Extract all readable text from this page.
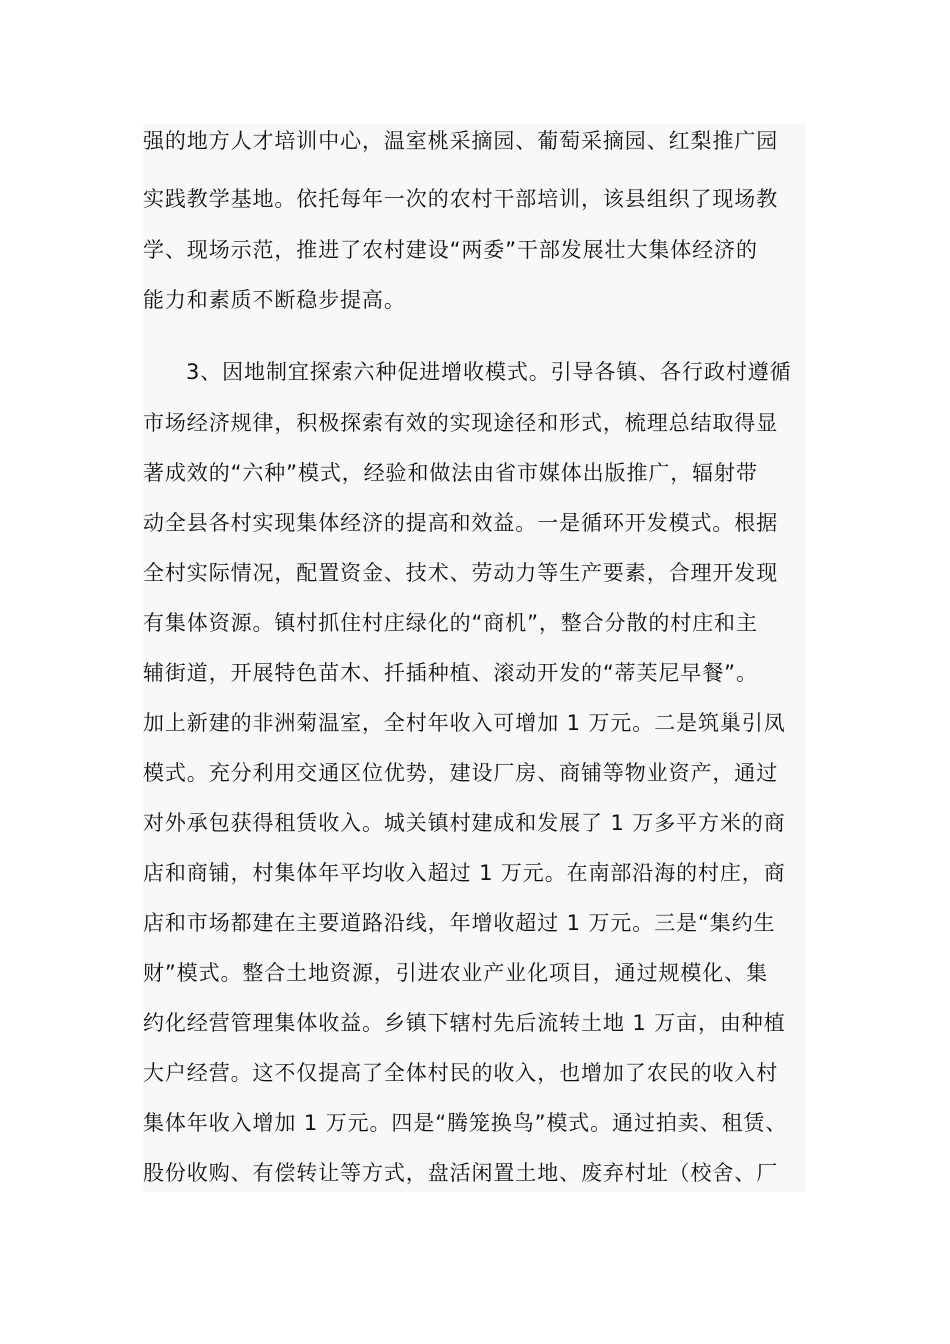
强的地方人才培训中心，温室桃采摘园、葡萄采摘园、红梨推广园
实践教学基地。依托每年一次的农村干部培训，该县组织了现场教
学、现场示范，推进了农村建设“两委”干部发展壮大集体经济的
能力和素质不断稳步提高。
3、因地制宜探索六种促进增收模式。引导各镇、各行政村遵循
市场经济规律，积极探索有效的实现途径和形式，梳理总结取得显
著成效的“六种”模式，经验和做法由省市媒体出版推广，辐射带
动全县各村实现集体经济的提高和效益。一是循环开发模式。根据
全村实际情况，配置资金、技术、劳动力等生产要素，合理开发现
有集体资源。镇村抓住村庄绿化的“商机”，整合分散的村庄和主
辅街道，开展特色苗木、扦插种植、滚动开发的“蒂芙尼早餐”。
加上新建的非洲菊温室，全村年收入可增加 1 万元。二是筑巢引凤
模式。充分利用交通区位优势，建设厂房、商铺等物业资产，通过
对外承包获得租赁收入。城关镇村建成和发展了 1 万多平方米的商
店和商铺，村集体年平均收入超过 1 万元。在南部沿海的村庄，商
店和市场都建在主要道路沿线，年增收超过 1 万元。三是“集约生
财”模式。整合土地资源，引进农业产业化项目，通过规模化、集
约化经营管理集体收益。乡镇下辖村先后流转土地 1 万亩，由种植
大户经营。这不仅提高了全体村民的收入，也增加了农民的收入村
集体年收入增加 1 万元。四是“腾笼换鸟”模式。通过拍卖、租赁、
股份收购、有偿转让等方式，盘活闲置土地、废弃村址（校舍、厂
